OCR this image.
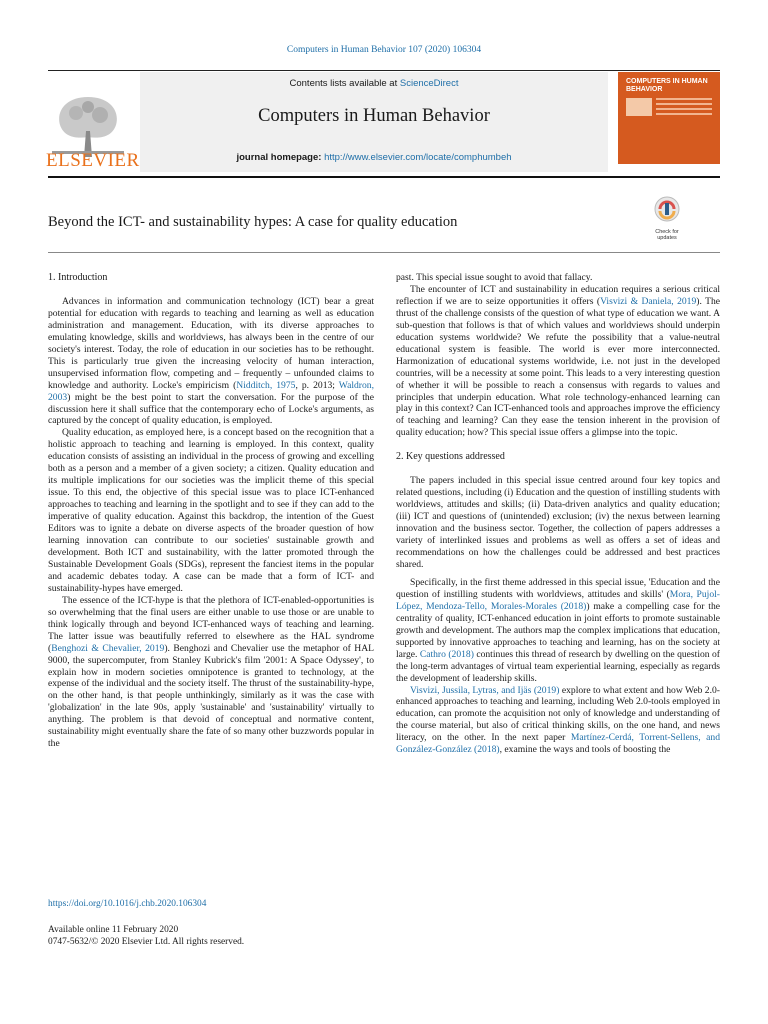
Computers in Human Behavior 107 (2020) 106304
ELSEVIER
Contents lists available at ScienceDirect
Computers in Human Behavior
journal homepage: http://www.elsevier.com/locate/comphumbeh
COMPUTERS IN HUMAN BEHAVIOR
Beyond the ICT- and sustainability hypes: A case for quality education
Check for updates
1. Introduction

Advances in information and communication technology (ICT) bear a great potential for education with regards to teaching and learning as well as education administration and management. Education, with its diverse approaches to emulating knowledge, skills and worldviews, has always been in the centre of our society's interest. Today, the role of education in our societies has to be rethought. This is particularly true given the increasing velocity of human interaction, unsupervised information flow, competing and – frequently – unfounded claims to knowledge and authority. Locke's empiricism (Nidditch, 1975, p. 2013; Waldron, 2003) might be the best point to start the conversation. For the purpose of the discussion here it shall suffice that the contemporary echo of Locke's arguments, as captured by the concept of quality education, is employed.

Quality education, as employed here, is a concept based on the recognition that a holistic approach to teaching and learning is employed. In this context, quality education consists of assisting an individual in the process of growing and excelling both as a person and a member of a given society; a citizen. Quality education and its multiple implications for our societies was the implicit theme of this special issue. To this end, the objective of this special issue was to place ICT-enhanced approaches to teaching and learning in the spotlight and to see if they can add to the imperative of quality education. Against this backdrop, the intention of the Guest Editors was to ignite a debate on diverse aspects of the broader question of how learning innovation can contribute to our societies' sustainable growth and development. Both ICT and sustainability, with the latter promoted through the Sustainable Development Goals (SDGs), represent the fanciest items in the popular and academic debates today. A case can be made that a form of ICT- and sustainability-hypes have emerged.

The essence of the ICT-hype is that the plethora of ICT-enabled-opportunities is so overwhelming that the final users are either unable to use those or are unable to think logically through and beyond ICT-enhanced ways of teaching and learning. The latter issue was beautifully referred to elsewhere as the HAL syndrome (Benghozi & Chevalier, 2019). Benghozi and Chevalier use the metaphor of HAL 9000, the supercomputer, from Stanley Kubrick's film '2001: A Space Odyssey', to explain how in modern societies omnipotence is granted to technology, at the expense of the individual and the society itself. The thrust of the sustainability-hype, on the other hand, is that people unthinkingly, similarly as it was the case with 'globalization' in the late 90s, apply 'sustainable' and 'sustainability' virtually to anything. The problem is that devoid of conceptual and normative content, sustainability might eventually share the fate of so many other buzzwords popular in the

past. This special issue sought to avoid that fallacy.

The encounter of ICT and sustainability in education requires a serious critical reflection if we are to seize opportunities it offers (Visvizi & Daniela, 2019). The thrust of the challenge consists of the question of what type of education we want. A sub-question that follows is that of which values and worldviews should underpin education systems worldwide? We refute the possibility that a value-neutral educational system is feasible. The world is ever more interconnected. Harmonization of educational systems worldwide, i.e. not just in the developed countries, will be a necessity at some point. This leads to a very interesting question of whether it will be possible to reach a consensus with regards to values and principles that underpin education. What role technology-enhanced learning can play in this context? Can ICT-enhanced tools and approaches improve the efficiency of teaching and learning? Can they ease the tension inherent in the provision of quality education; how? This special issue offers a glimpse into the topic.

2. Key questions addressed

The papers included in this special issue centred around four key topics and related questions, including (i) Education and the question of instilling students with worldviews, attitudes and skills; (ii) Data-driven analytics and quality education; (iii) ICT and questions of (unintended) exclusion; (iv) the nexus between learning innovation and the business sector. Together, the collection of papers addresses a variety of interlinked issues and problems as well as offers a set of ideas and recommendations on how the challenges could be addressed and best practices shared.

Specifically, in the first theme addressed in this special issue, 'Education and the question of instilling students with worldviews, attitudes and skills' (Mora, Pujol-López, Mendoza-Tello, Morales-Morales (2018)) make a compelling case for the centrality of quality, ICT-enhanced education in joint efforts to promote sustainable growth and development. The authors map the complex implications that education, supported by innovative approaches to teaching and learning, has on the society at large. Cathro (2018) continues this thread of research by dwelling on the question of the long-term advantages of virtual team experiential learning, especially as regards the development of leadership skills.

Visvizi, Jussila, Lytras, and Ijäs (2019) explore to what extent and how Web 2.0-enhanced approaches to teaching and learning, including Web 2.0-tools employed in education, can promote the acquisition not only of knowledge and understanding of the course material, but also of critical thinking skills, on the one hand, and news literacy, on the other. In the next paper Martínez-Cerdá, Torrent-Sellens, and González-González (2018), examine the ways and tools of boosting the

https://doi.org/10.1016/j.chb.2020.106304
Available online 11 February 2020
0747-5632/© 2020 Elsevier Ltd. All rights reserved.
